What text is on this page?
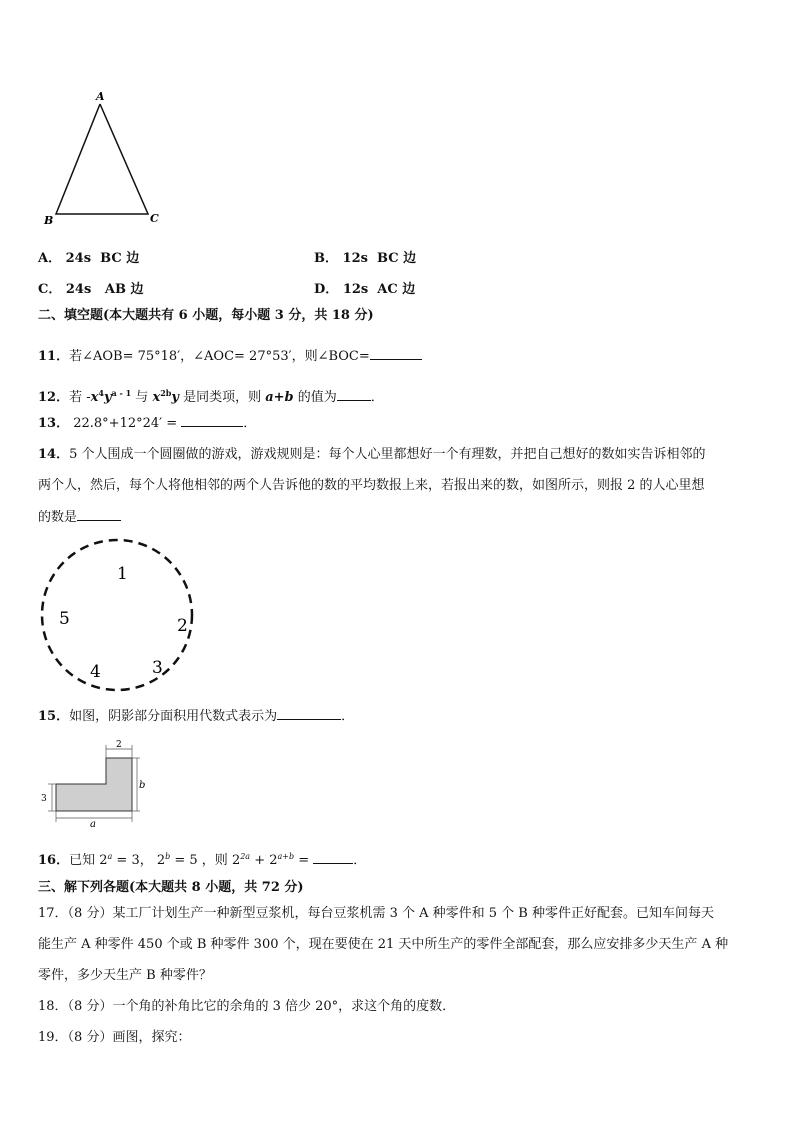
A
B	C
A． 24s BC 边	B． 12s BC 边
C． 24s AB 边	D． 12s AC 边
二、填空题(本大题共有 6 小题，每小题 3 分，共 18 分)
11．若∠AOB= 75°18′，∠AOC= 27°53′，则∠BOC=
12．若 $-x^4y^{a - 1}$ 与 $x^{2b}y$ 是同类项，则 a+b 的值为	．
13． 22.8°+12°24′ =	．
14．5 个人围成一个圆圈做的游戏，游戏规则是：每个人心里都想好一个有理数，并把自己想好的数如实告诉相邻的
两个人，然后，每个人将他相邻的两个人告诉他的数的平均数报上来，若报出来的数，如图所示，则报 2 的人心里想
的数是
1
2
3
4
5
15．如图，阴影部分面积用代数式表示为	．
2
b
3
a
16．已知 $2^a = 3$， $2^b = 5$ ，则 $2^{2a} + 2^{a+b}$ =	．
三、解下列各题(本大题共 8 小题，共 72 分)
17．（8 分）某工厂计划生产一种新型豆浆机，每台豆浆机需 3 个 A 种零件和 5 个 B 种零件正好配套。已知车间每天
能生产 A 种零件 450 个或 B 种零件 300 个，现在要使在 21 天中所生产的零件全部配套，那么应安排多少天生产 A 种
零件，多少天生产 B 种零件？
18．（8 分）一个角的补角比它的余角的 3 倍少 20°，求这个角的度数．
19．（8 分）画图，探究：
